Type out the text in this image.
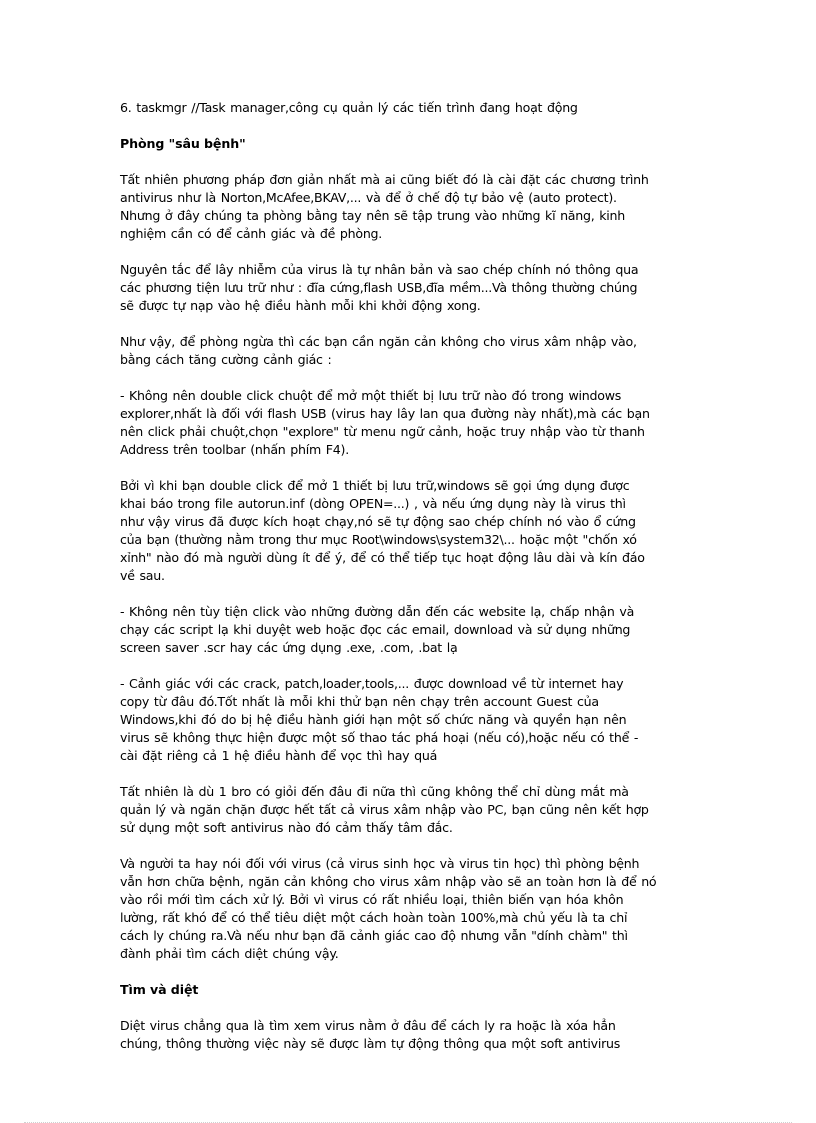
6. taskmgr //Task manager,công cụ quản lý các tiến trình đang hoạt động

Phòng "sâu bệnh"

Tất nhiên phương pháp đơn giản nhất mà ai cũng biết đó là cài đặt các chương trình

antivirus như là Norton,McAfee,BKAV,... và để ở chế độ tự bảo vệ (auto protect).

Nhưng ở đây chúng ta phòng bằng tay nên sẽ tập trung vào những kĩ năng, kinh

nghiệm cần có để cảnh giác và đề phòng.

Nguyên tắc để lây nhiễm của virus là tự nhân bản và sao chép chính nó thông qua

các phương tiện lưu trữ như : đĩa cứng,flash USB,đĩa mềm...Và thông thường chúng

sẽ được tự nạp vào hệ điều hành mỗi khi khởi động xong.

Như vậy, để phòng ngừa thì các bạn cần ngăn cản không cho virus xâm nhập vào,

bằng cách tăng cường cảnh giác :

- Không nên double click chuột để mở một thiết bị lưu trữ nào đó trong windows

explorer,nhất là đối với flash USB (virus hay lây lan qua đường này nhất),mà các bạn

nên click phải chuột,chọn "explore" từ menu ngữ cảnh, hoặc truy nhập vào từ thanh

Address trên toolbar (nhấn phím F4).

Bởi vì khi bạn double click để mở 1 thiết bị lưu trữ,windows sẽ gọi ứng dụng được

khai báo trong file autorun.inf (dòng OPEN=...) , và nếu ứng dụng này là virus thì

như vậy virus đã được kích hoạt chạy,nó sẽ tự động sao chép chính nó vào ổ cứng

của bạn (thường nằm trong thư mục Root\windows\system32\... hoặc một "chốn xó

xỉnh" nào đó mà người dùng ít để ý, để có thể tiếp tục hoạt động lâu dài và kín đáo

về sau.

- Không nên tùy tiện click vào những đường dẫn đến các website lạ, chấp nhận và

chạy các script lạ khi duyệt web hoặc đọc các email, download và sử dụng những

screen saver .scr hay các ứng dụng .exe, .com, .bat lạ

- Cảnh giác với các crack, patch,loader,tools,... được download về từ internet hay

copy từ đâu đó.Tốt nhất là mỗi khi thử bạn nên chạy trên account Guest của

Windows,khi đó do bị hệ điều hành giới hạn một số chức năng và quyền hạn nên

virus sẽ không thực hiện được một số thao tác phá hoại (nếu có),hoặc nếu có thể -

cài đặt riêng cả 1 hệ điều hành để vọc thì hay quá

Tất nhiên là dù 1 bro có giỏi đến đâu đi nữa thì cũng không thể chỉ dùng mắt mà

quản lý và ngăn chặn được hết tất cả virus xâm nhập vào PC, bạn cũng nên kết hợp

sử dụng một soft antivirus nào đó cảm thấy tâm đắc.

Và người ta hay nói đối với virus (cả virus sinh học và virus tin học) thì phòng bệnh

vẫn hơn chữa bệnh, ngăn cản không cho virus xâm nhập vào sẽ an toàn hơn là để nó

vào rồi mới tìm cách xử lý. Bởi vì virus có rất nhiều loại, thiên biến vạn hóa khôn

lường, rất khó để có thể tiêu diệt một cách hoàn toàn 100%,mà chủ yếu là ta chỉ

cách ly chúng ra.Và nếu như bạn đã cảnh giác cao độ nhưng vẫn "dính chàm" thì

đành phải tìm cách diệt chúng vậy.

Tìm và diệt

Diệt virus chẳng qua là tìm xem virus nằm ở đâu để cách ly ra hoặc là xóa hẳn

chúng, thông thường việc này sẽ được làm tự động thông qua một soft antivirus
